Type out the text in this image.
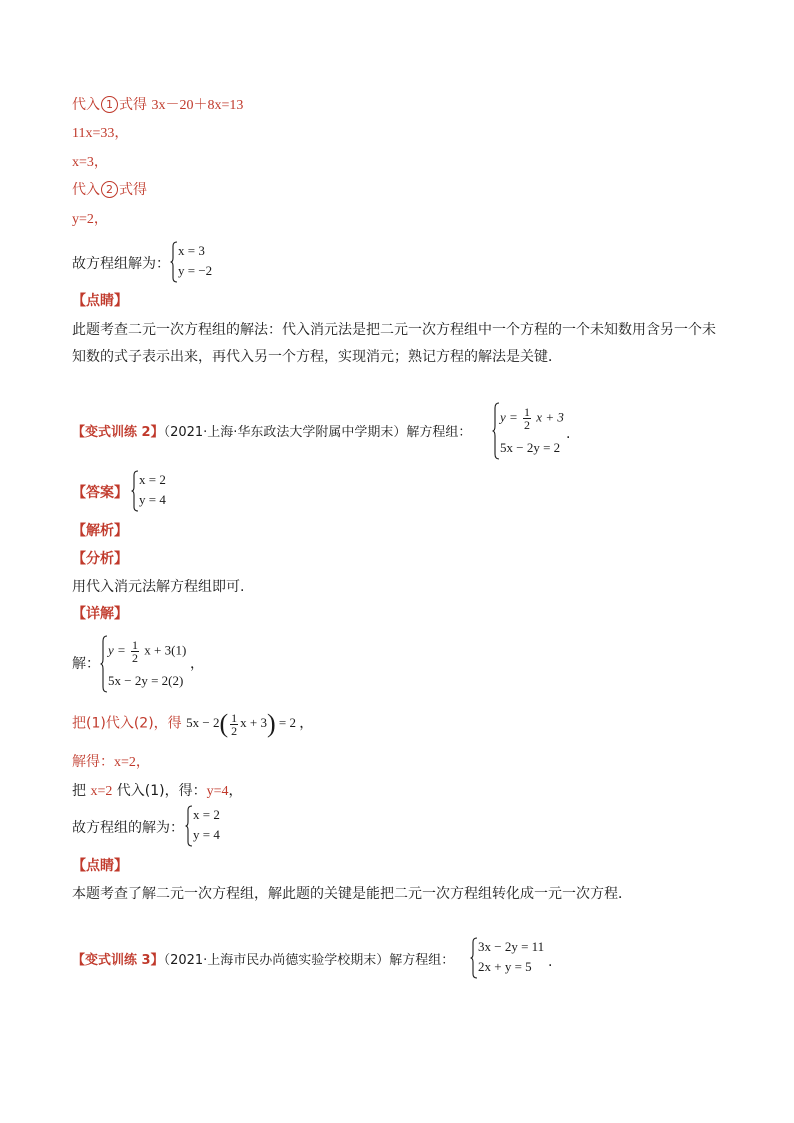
代入 1 式得 3x－20＋8x=13
11x=33，
x=3，
代入 2 式得
y=2，
故方程组解为：
x = 3
y = −2
【点睛】
此题考查二元一次方程组的解法：代入消元法是把二元一次方程组中一个方程的一个未知数用含另一个未
知数的式子表示出来，再代入另一个方程，实现消元；熟记方程的解法是关键．
【变式训练 2】（2021·上海·华东政法大学附属中学期末）解方程组：
$y = \frac{1}{2}$ x + 3
5x − 2y = 2
.
【答案】
x = 2
y = 4
【解析】
【分析】
用代入消元法解方程组即可.
【详解】
解：
$y = \frac{1}{2}$ x + 3(1)
5x − 2y = 2(2)
，
把(1)代入(2)，得 $5x - 2( \frac{1}{2}$ x + 3) = 2 ，
解得：x=2，
把 x=2 代入(1)，得：y=4，
故方程组的解为：
x = 2
y = 4
【点睛】
本题考查了解二元一次方程组，解此题的关键是能把二元一次方程组转化成一元一次方程．
【变式训练 3】（2021·上海市民办尚德实验学校期末）解方程组：
3x − 2y = 11
2x + y = 5 .
